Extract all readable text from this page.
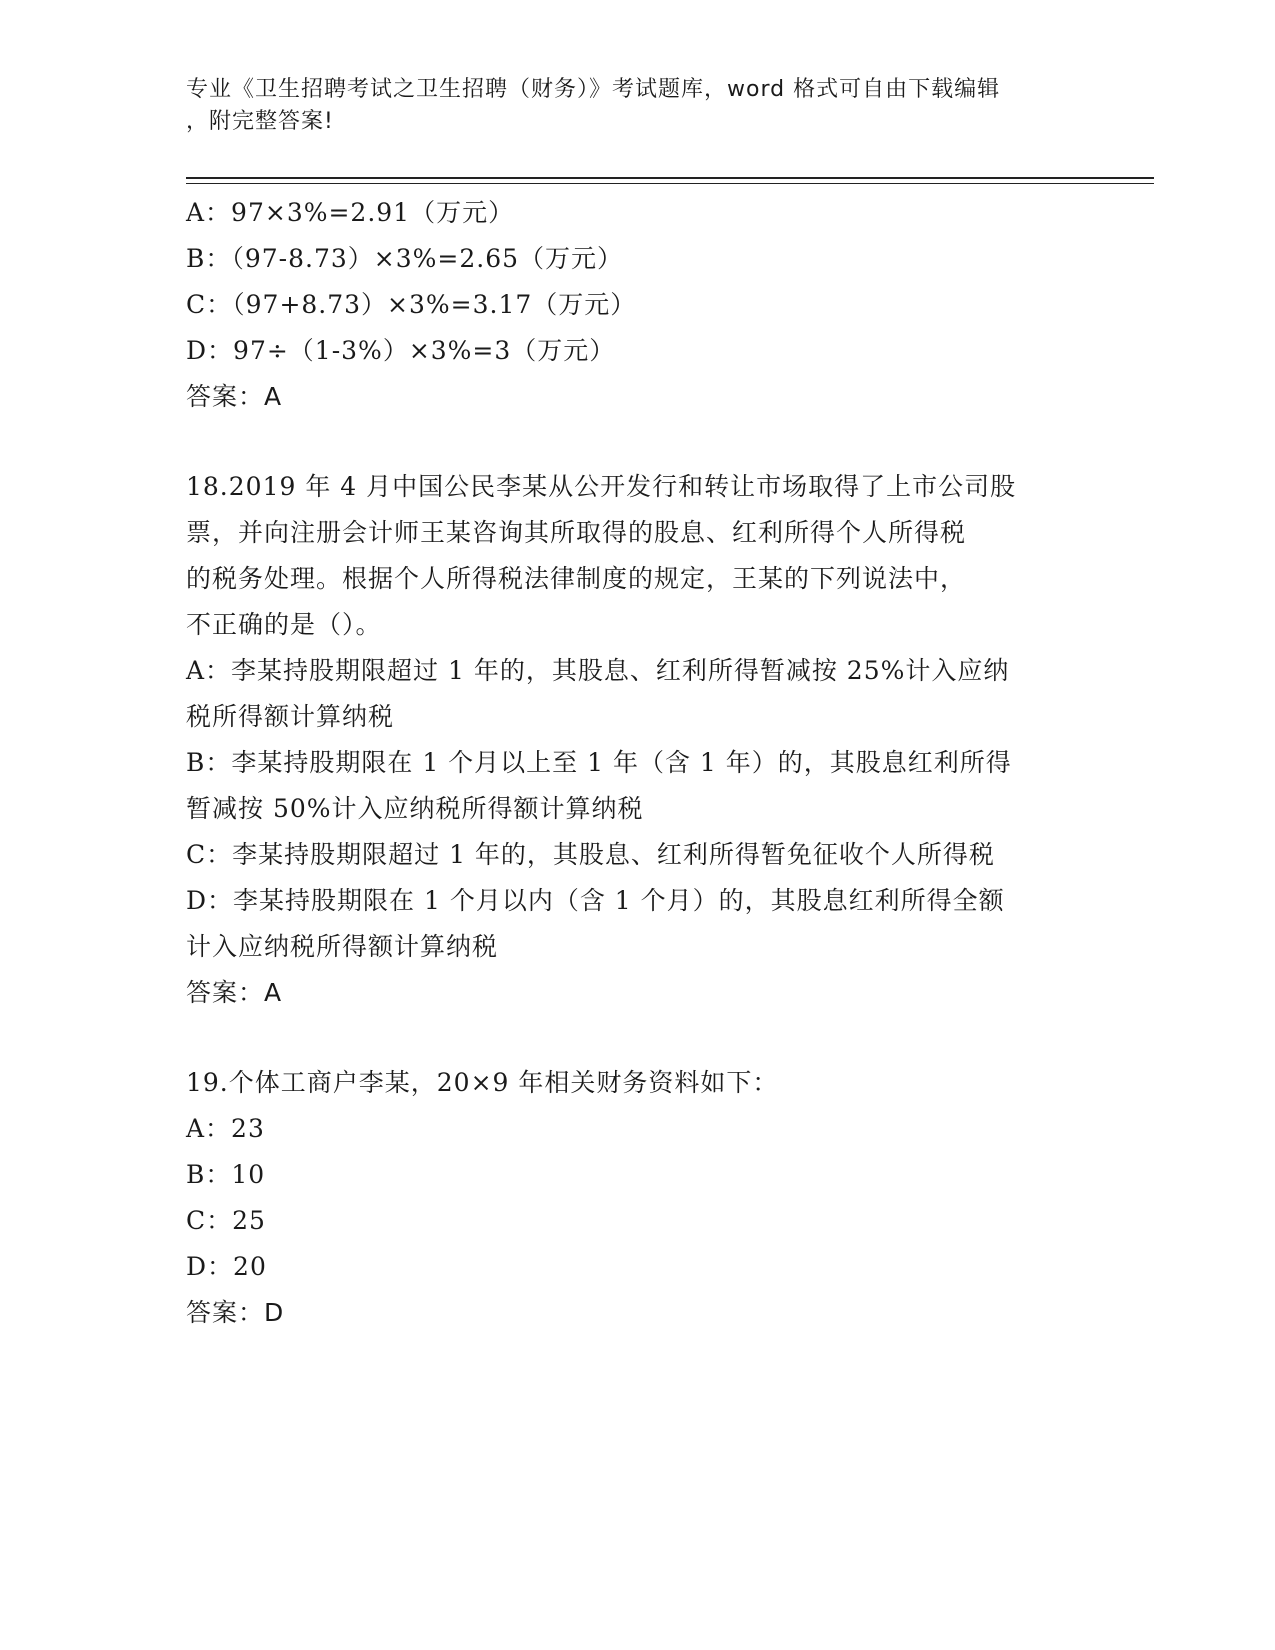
专业《卫生招聘考试之卫生招聘（财务）》考试题库，word 格式可自由下载编辑
，附完整答案!

A：97×3%=2.91（万元）

B：（97-8.73）×3%=2.65（万元）

C：（97+8.73）×3%=3.17（万元）

D：97÷（1-3%）×3%=3（万元）

答案：A

18.2019 年 4 月中国公民李某从公开发行和转让市场取得了上市公司股

票，并向注册会计师王某咨询其所取得的股息、红利所得个人所得税

的税务处理。根据个人所得税法律制度的规定，王某的下列说法中，

不正确的是（）。

A：李某持股期限超过 1 年的，其股息、红利所得暂减按 25%计入应纳

税所得额计算纳税

B：李某持股期限在 1 个月以上至 1 年（含 1 年）的，其股息红利所得

暂减按 50%计入应纳税所得额计算纳税

C：李某持股期限超过 1 年的，其股息、红利所得暂免征收个人所得税

D：李某持股期限在 1 个月以内（含 1 个月）的，其股息红利所得全额

计入应纳税所得额计算纳税

答案：A

19.个体工商户李某，20×9 年相关财务资料如下：

A：23

B：10

C：25

D：20

答案：D
